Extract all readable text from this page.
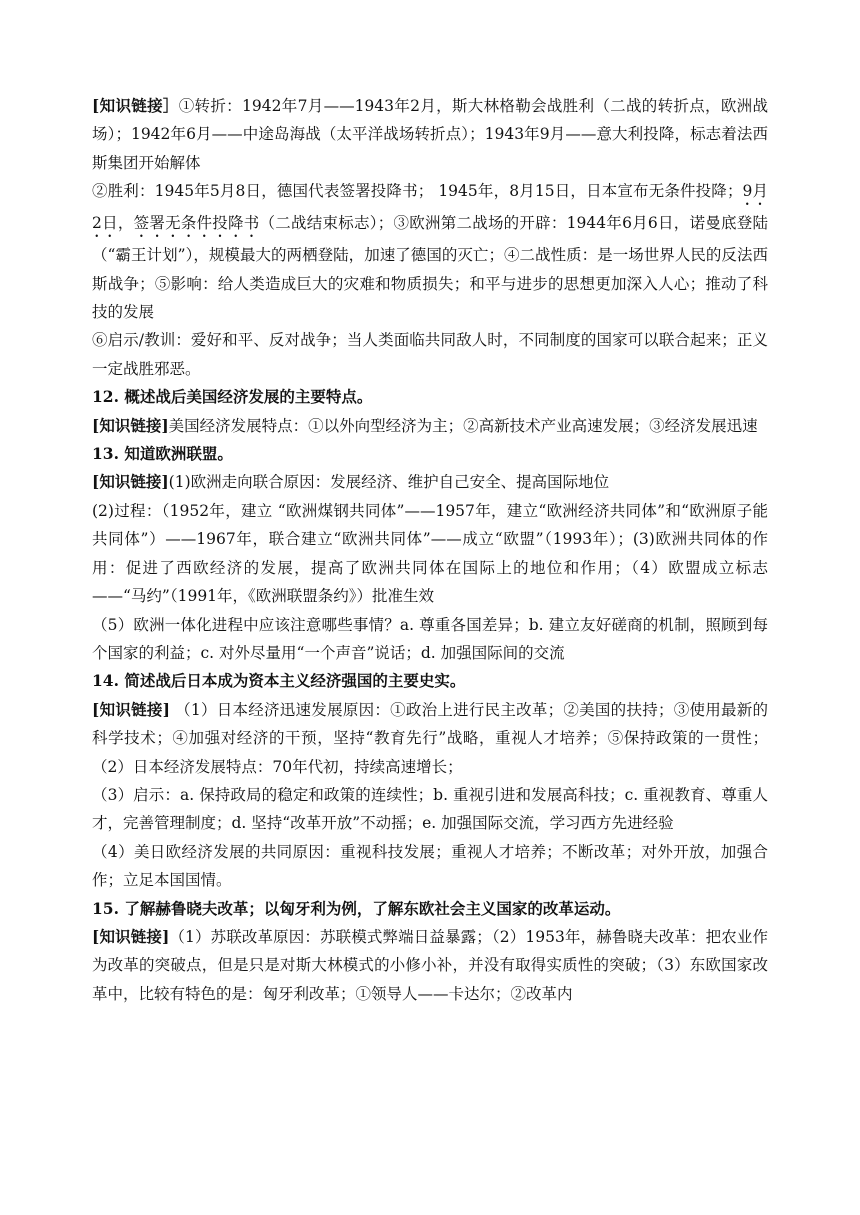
[知识链接］①转折：1942年7月——1943年2月，斯大林格勒会战胜利（二战的转折点，欧洲战场）；1942年6月——中途岛海战（太平洋战场转折点）；1943年9月——意大利投降，标志着法西斯集团开始解体

②胜利：1945年5月8日，德国代表签署投降书； 1945年，8月15日，日本宣布无条件投降；9月2日，签署无条件投降书（二战结束标志）；③欧洲第二战场的开辟：1944年6月6日，诺曼底登陆（“霸王计划”），规模最大的两栖登陆，加速了德国的灭亡；④二战性质：是一场世界人民的反法西斯战争；⑤影响：给人类造成巨大的灾难和物质损失；和平与进步的思想更加深入人心；推动了科技的发展

⑥启示/教训：爱好和平、反对战争；当人类面临共同敌人时，不同制度的国家可以联合起来；正义一定战胜邪恶。

12. 概述战后美国经济发展的主要特点。

[知识链接]美国经济发展特点：①以外向型经济为主；②高新技术产业高速发展；③经济发展迅速

13. 知道欧洲联盟。

[知识链接](1)欧洲走向联合原因：发展经济、维护自己安全、提高国际地位

(2)过程：（1952年，建立 “欧洲煤钢共同体”——1957年，建立“欧洲经济共同体”和“欧洲原子能共同体”）——1967年，联合建立“欧洲共同体”——成立“欧盟”（1993年）；(3)欧洲共同体的作用：促进了西欧经济的发展，提高了欧洲共同体在国际上的地位和作用；（4）欧盟成立标志——“马约”（1991年，《欧洲联盟条约》）批准生效

（5）欧洲一体化进程中应该注意哪些事情？a. 尊重各国差异；b. 建立友好磋商的机制，照顾到每个国家的利益；c. 对外尽量用“一个声音”说话；d. 加强国际间的交流

14. 简述战后日本成为资本主义经济强国的主要史实。

[知识链接] （1）日本经济迅速发展原因：①政治上进行民主改革；②美国的扶持；③使用最新的科学技术；④加强对经济的干预，坚持“教育先行”战略，重视人才培养；⑤保持政策的一贯性；（2）日本经济发展特点：70年代初，持续高速增长；

（3）启示：a. 保持政局的稳定和政策的连续性；b. 重视引进和发展高科技；c. 重视教育、尊重人才，完善管理制度；d. 坚持“改革开放”不动摇；e. 加强国际交流，学习西方先进经验

（4）美日欧经济发展的共同原因：重视科技发展；重视人才培养；不断改革；对外开放，加强合作；立足本国国情。

15. 了解赫鲁晓夫改革；以匈牙利为例，了解东欧社会主义国家的改革运动。

[知识链接]（1）苏联改革原因：苏联模式弊端日益暴露；（2）1953年，赫鲁晓夫改革：把农业作为改革的突破点，但是只是对斯大林模式的小修小补，并没有取得实质性的突破；（3）东欧国家改革中，比较有特色的是：匈牙利改革；①领导人——卡达尔；②改革内
